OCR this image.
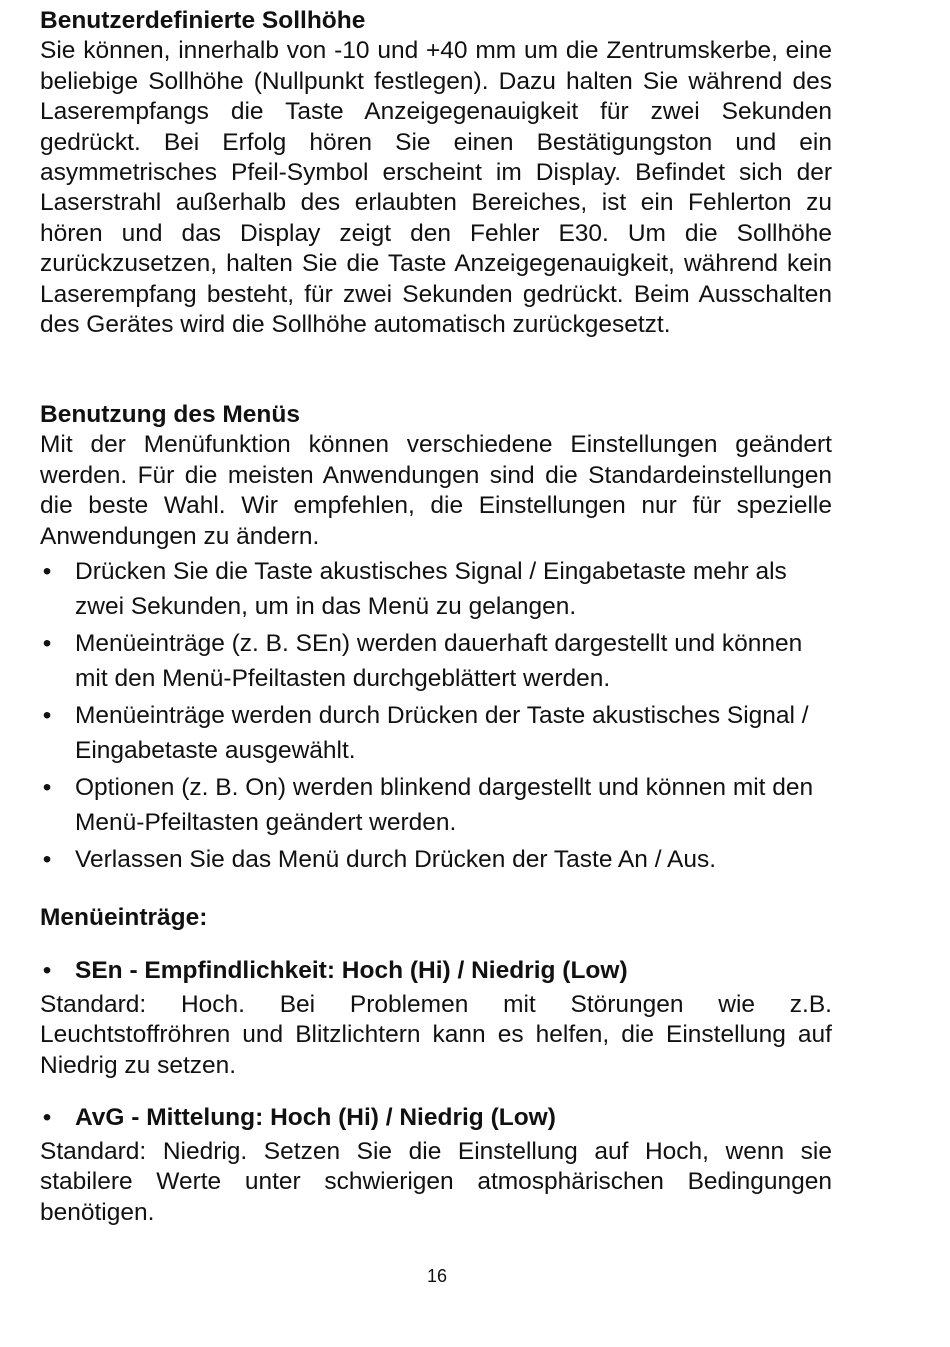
Benutzerdefinierte Sollhöhe
Sie können, innerhalb von -10 und +40 mm um die Zentrumskerbe, eine beliebige Sollhöhe (Nullpunkt festlegen). Dazu halten Sie während des Laserempfangs die Taste Anzeigegenauigkeit für zwei Sekunden gedrückt. Bei Erfolg hören Sie einen Bestätigungston und ein asymmetrisches Pfeil-Symbol erscheint im Display. Befindet sich der Laserstrahl außerhalb des erlaubten Bereiches, ist ein Fehlerton zu hören und das Display zeigt den Fehler E30. Um die Sollhöhe zurückzusetzen, halten Sie die Taste Anzeigegenauigkeit, während kein Laserempfang besteht, für zwei Sekunden gedrückt. Beim Ausschalten des Gerätes wird die Sollhöhe automatisch zurückgesetzt.
Benutzung des Menüs
Mit der Menüfunktion können verschiedene Einstellungen geändert werden. Für die meisten Anwendungen sind die Standardeinstellungen die beste Wahl. Wir empfehlen, die Einstellungen nur für spezielle Anwendungen zu ändern.
• Drücken Sie die Taste akustisches Signal / Eingabetaste mehr als zwei Sekunden, um in das Menü zu gelangen.
• Menüeinträge (z. B. SEn) werden dauerhaft dargestellt und können mit den Menü-Pfeiltasten durchgeblättert werden.
• Menüeinträge werden durch Drücken der Taste akustisches Signal / Eingabetaste ausgewählt.
• Optionen (z. B. On) werden blinkend dargestellt und können mit den Menü-Pfeiltasten geändert werden.
• Verlassen Sie das Menü durch Drücken der Taste An / Aus.
Menüeinträge:
• SEn - Empfindlichkeit: Hoch (Hi) / Niedrig (Low)
Standard: Hoch. Bei Problemen mit Störungen wie z.B. Leuchtstoffröhren und Blitzlichtern kann es helfen, die Einstellung auf Niedrig zu setzen.
• AvG - Mittelung: Hoch (Hi) / Niedrig (Low)
Standard: Niedrig. Setzen Sie die Einstellung auf Hoch, wenn sie stabilere Werte unter schwierigen atmosphärischen Bedingungen benötigen.
16
